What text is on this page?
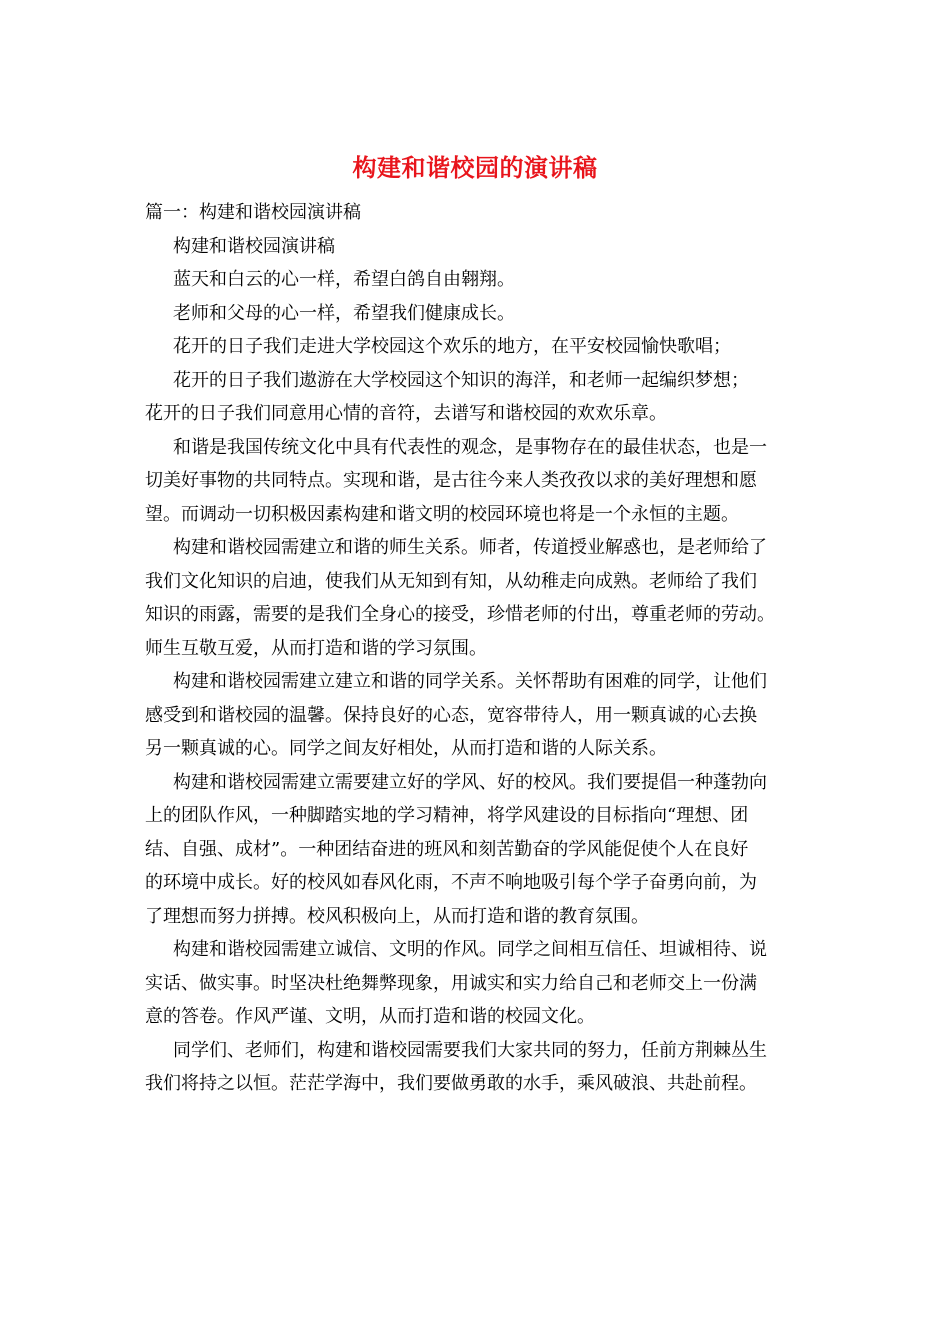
构建和谐校园的演讲稿
篇一：构建和谐校园演讲稿
构建和谐校园演讲稿
蓝天和白云的心一样，希望白鸽自由翱翔。
老师和父母的心一样，希望我们健康成长。
花开的日子我们走进大学校园这个欢乐的地方，在平安校园愉快歌唱；
花开的日子我们遨游在大学校园这个知识的海洋，和老师一起编织梦想；
花开的日子我们同意用心情的音符，去谱写和谐校园的欢欢乐章。
和谐是我国传统文化中具有代表性的观念，是事物存在的最佳状态，也是一
切美好事物的共同特点。实现和谐，是古往今来人类孜孜以求的美好理想和愿
望。而调动一切积极因素构建和谐文明的校园环境也将是一个永恒的主题。
构建和谐校园需建立和谐的师生关系。师者，传道授业解惑也，是老师给了
我们文化知识的启迪，使我们从无知到有知，从幼稚走向成熟。老师给了我们
知识的雨露，需要的是我们全身心的接受，珍惜老师的付出，尊重老师的劳动。
师生互敬互爱，从而打造和谐的学习氛围。
构建和谐校园需建立建立和谐的同学关系。关怀帮助有困难的同学，让他们
感受到和谐校园的温馨。保持良好的心态，宽容带待人，用一颗真诚的心去换
另一颗真诚的心。同学之间友好相处，从而打造和谐的人际关系。
构建和谐校园需建立需要建立好的学风、好的校风。我们要提倡一种蓬勃向
上的团队作风，一种脚踏实地的学习精神，将学风建设的目标指向“理想、团
结、自强、成材”。一种团结奋进的班风和刻苦勤奋的学风能促使个人在良好
的环境中成长。好的校风如春风化雨，不声不响地吸引每个学子奋勇向前，为
了理想而努力拼搏。校风积极向上，从而打造和谐的教育氛围。
构建和谐校园需建立诚信、文明的作风。同学之间相互信任、坦诚相待、说
实话、做实事。时坚决杜绝舞弊现象，用诚实和实力给自己和老师交上一份满
意的答卷。作风严谨、文明，从而打造和谐的校园文化。
同学们、老师们，构建和谐校园需要我们大家共同的努力，任前方荆棘丛生
我们将持之以恒。茫茫学海中，我们要做勇敢的水手，乘风破浪、共赴前程。
